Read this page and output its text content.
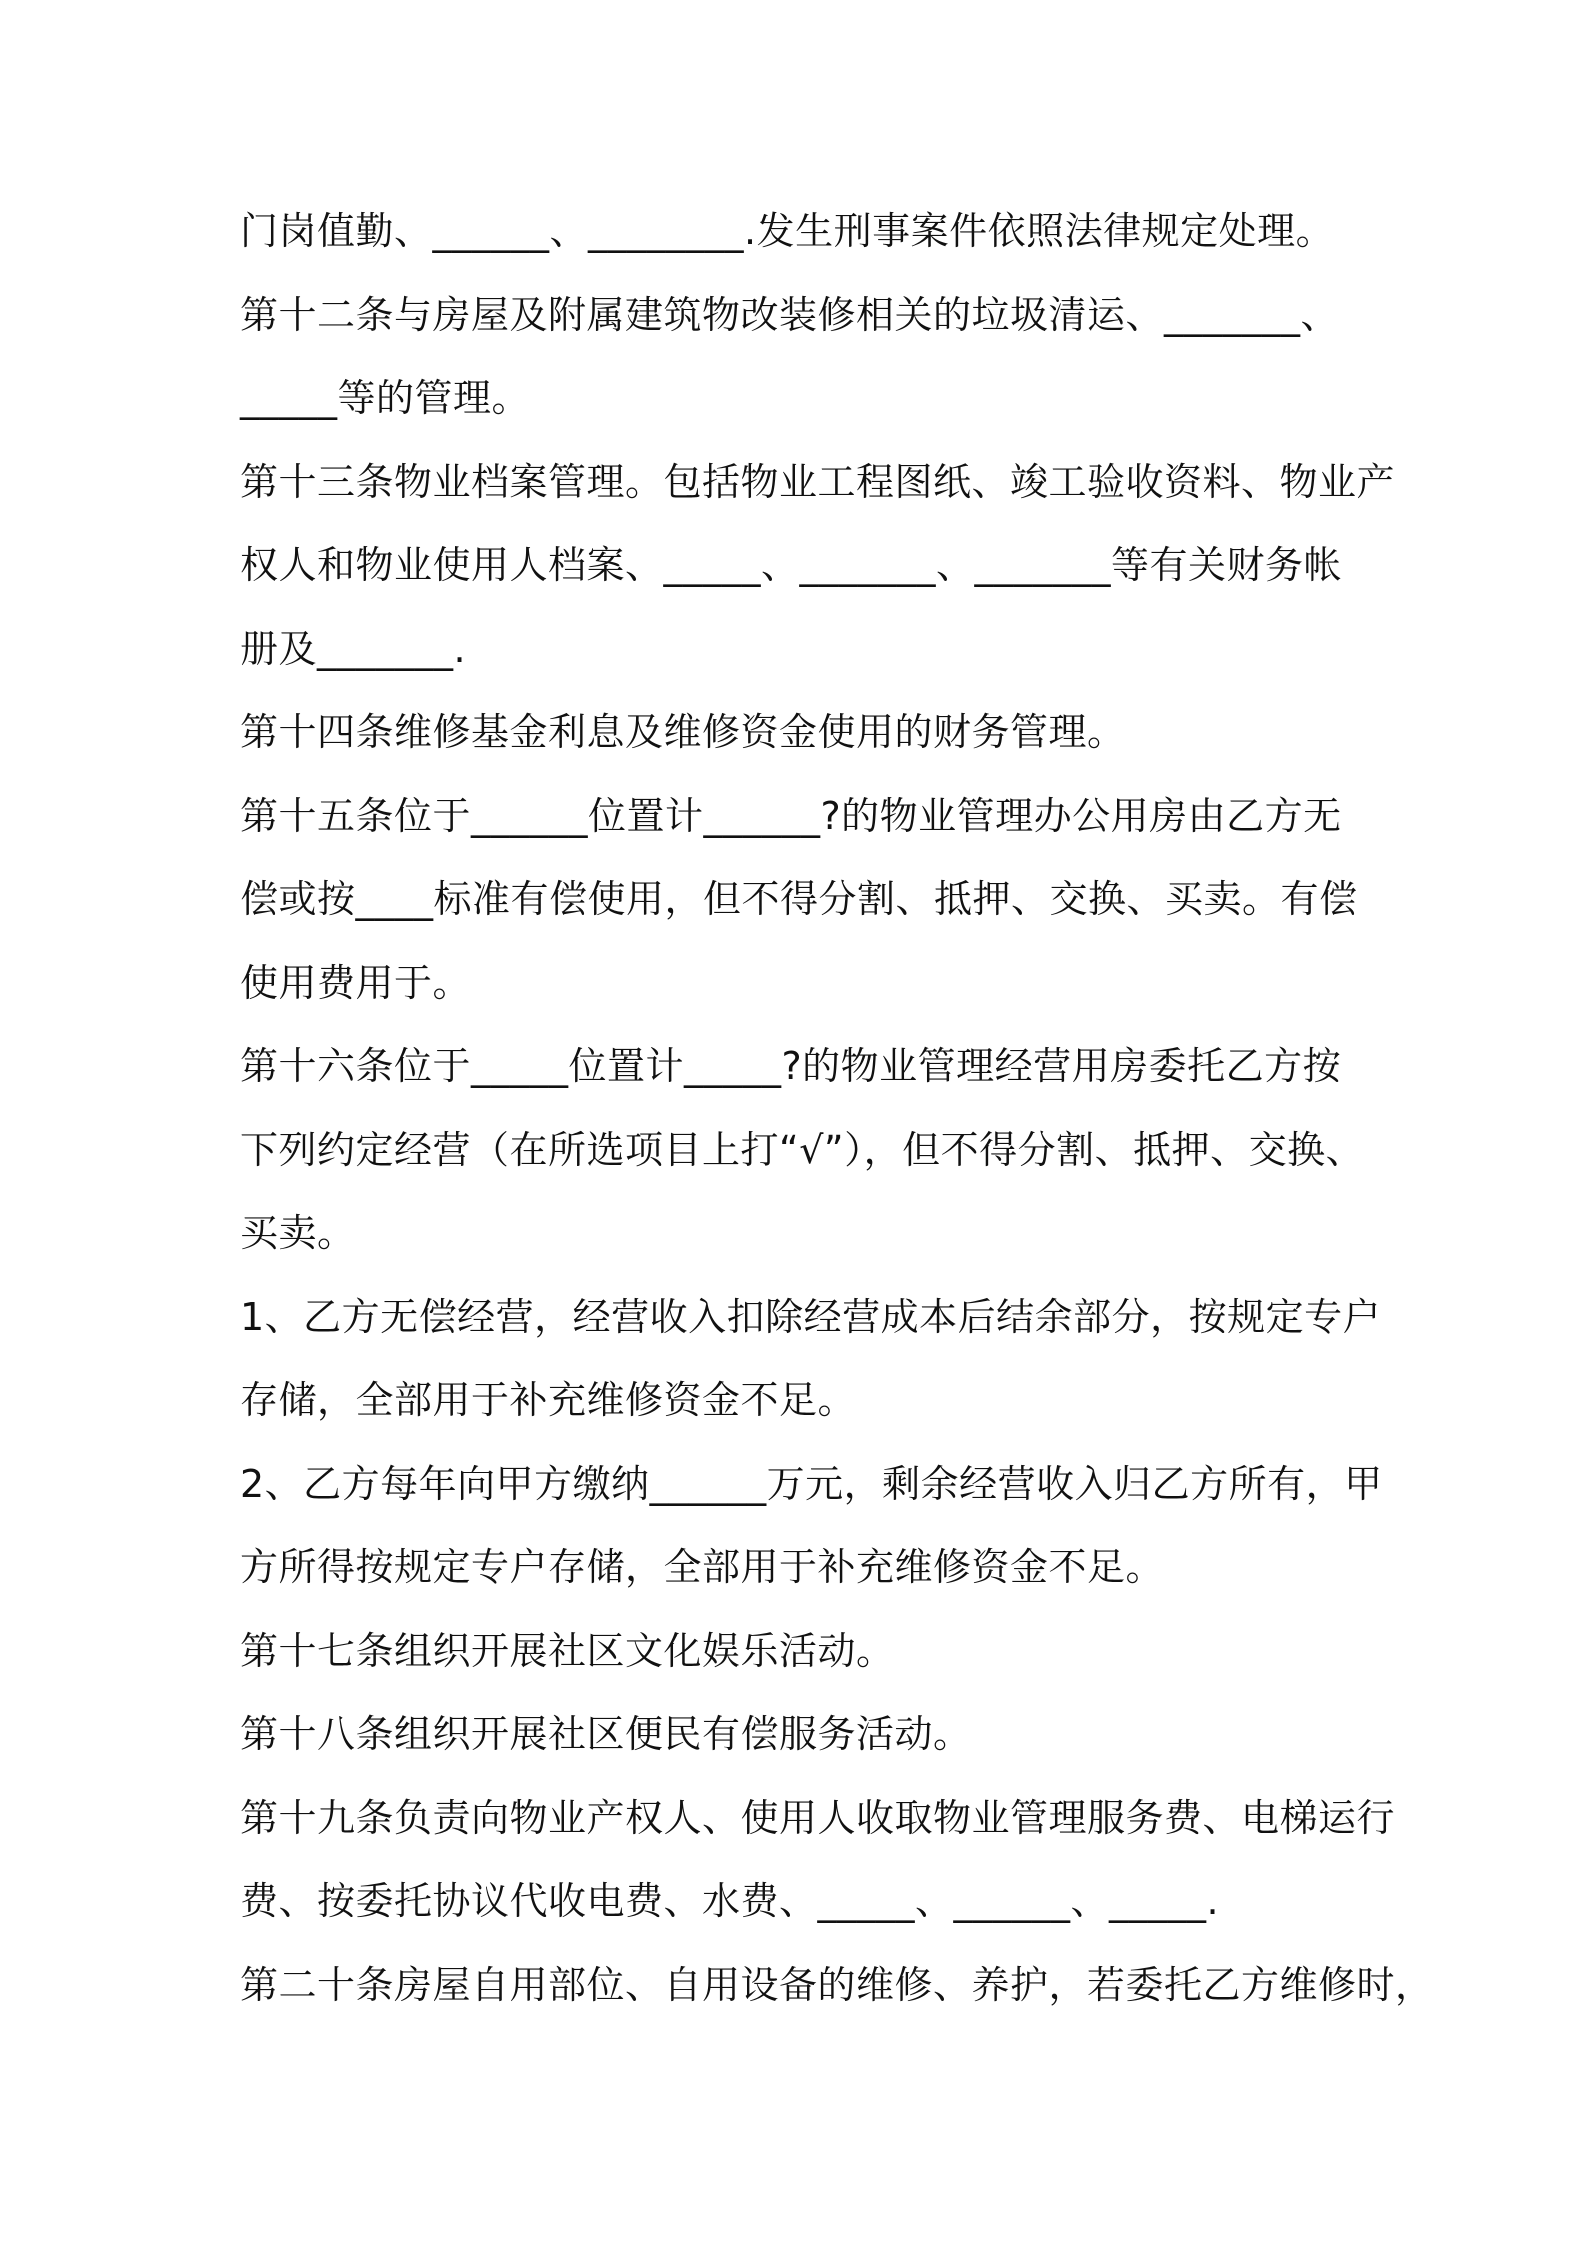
门岗值勤、______、________.发生刑事案件依照法律规定处理。
第十二条与房屋及附属建筑物改装修相关的垃圾清运、_______、
_____等的管理。
第十三条物业档案管理。包括物业工程图纸、竣工验收资料、物业产
权人和物业使用人档案、_____、_______、_______等有关财务帐
册及_______.
第十四条维修基金利息及维修资金使用的财务管理。
第十五条位于______位置计______?的物业管理办公用房由乙方无
偿或按____标准有偿使用，但不得分割、抵押、交换、买卖。有偿
使用费用于。
第十六条位于_____位置计_____?的物业管理经营用房委托乙方按
下列约定经营（在所选项目上打“√”），但不得分割、抵押、交换、
买卖。
1、乙方无偿经营，经营收入扣除经营成本后结余部分，按规定专户
存储，全部用于补充维修资金不足。
2、乙方每年向甲方缴纳______万元，剩余经营收入归乙方所有，甲
方所得按规定专户存储，全部用于补充维修资金不足。
第十七条组织开展社区文化娱乐活动。
第十八条组织开展社区便民有偿服务活动。
第十九条负责向物业产权人、使用人收取物业管理服务费、电梯运行
费、按委托协议代收电费、水费、_____、______、_____.
第二十条房屋自用部位、自用设备的维修、养护，若委托乙方维修时，
